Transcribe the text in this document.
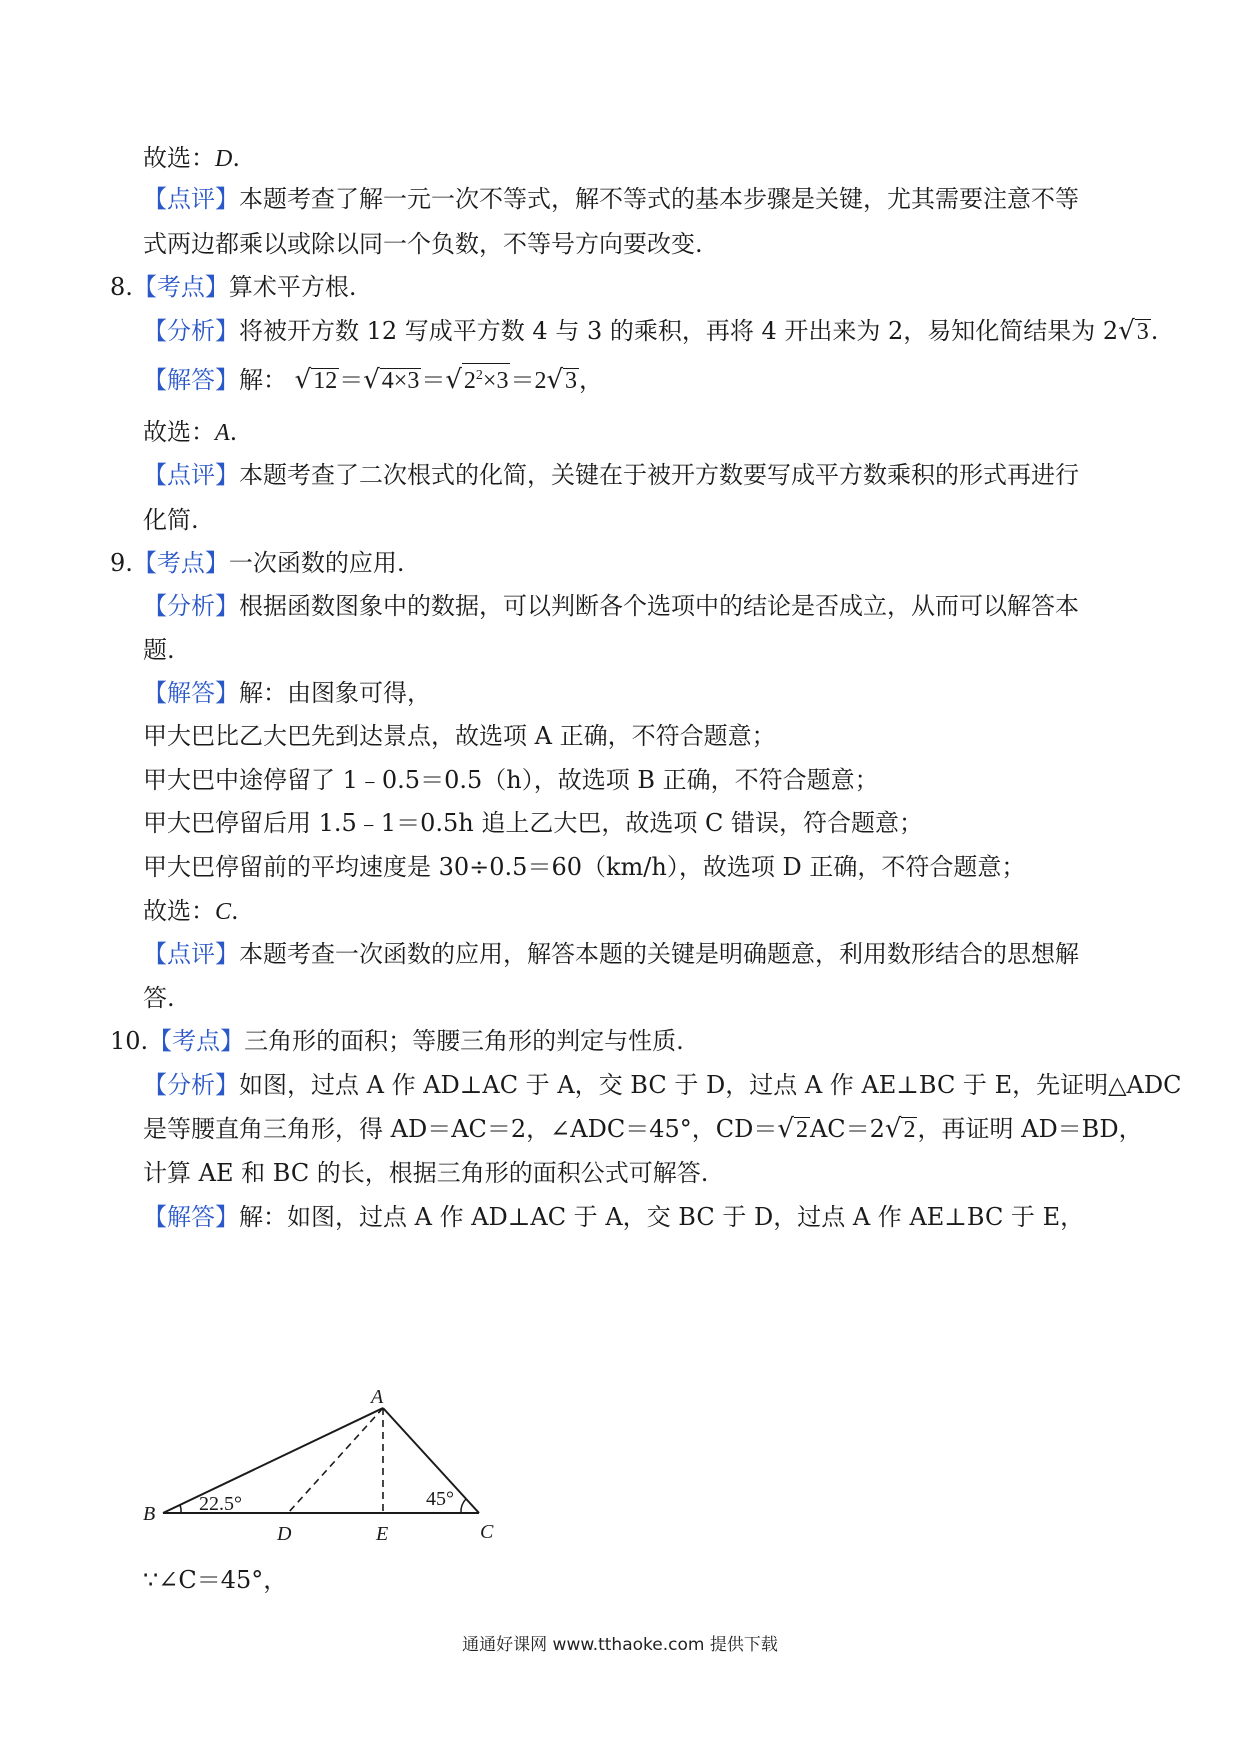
故选：D.
【点评】本题考查了解一元一次不等式，解不等式的基本步骤是关键，尤其需要注意不等
式两边都乘以或除以同一个负数，不等号方向要改变.
8.【考点】算术平方根.
【分析】将被开方数 12 写成平方数 4 与 3 的乘积，再将 4 开出来为 2，易知化简结果为 2√3.
【解答】解： $√12=√4\times 3=√2^2\times 3=2√3$，
故选：A.
【点评】本题考查了二次根式的化简，关键在于被开方数要写成平方数乘积的形式再进行
化简.
9.【考点】一次函数的应用.
【分析】根据函数图象中的数据，可以判断各个选项中的结论是否成立，从而可以解答本
题.
【解答】解：由图象可得，
甲大巴比乙大巴先到达景点，故选项 A 正确，不符合题意；
甲大巴中途停留了 1﹣0.5＝0.5（h），故选项 B 正确，不符合题意；
甲大巴停留后用 1.5﹣1＝0.5h 追上乙大巴，故选项 C 错误，符合题意；
甲大巴停留前的平均速度是 30÷0.5＝60（km/h），故选项 D 正确，不符合题意；
故选：C.
【点评】本题考查一次函数的应用，解答本题的关键是明确题意，利用数形结合的思想解
答.
10.【考点】三角形的面积；等腰三角形的判定与性质.
【分析】如图，过点 A 作 AD⊥AC 于 A，交 BC 于 D，过点 A 作 AE⊥BC 于 E，先证明△ADC
是等腰直角三角形，得 AD＝AC＝2，∠ADC＝45°，CD＝√2AC＝2√2，再证明 AD＝BD，
计算 AE 和 BC 的长，根据三角形的面积公式可解答.
【解答】解：如图，过点 A 作 AD⊥AC 于 A，交 BC 于 D，过点 A 作 AE⊥BC 于 E，
A
B
C
D	E
22.5°	45°
∵∠C＝45°，
通通好课网 www.tthaoke.com 提供下载
